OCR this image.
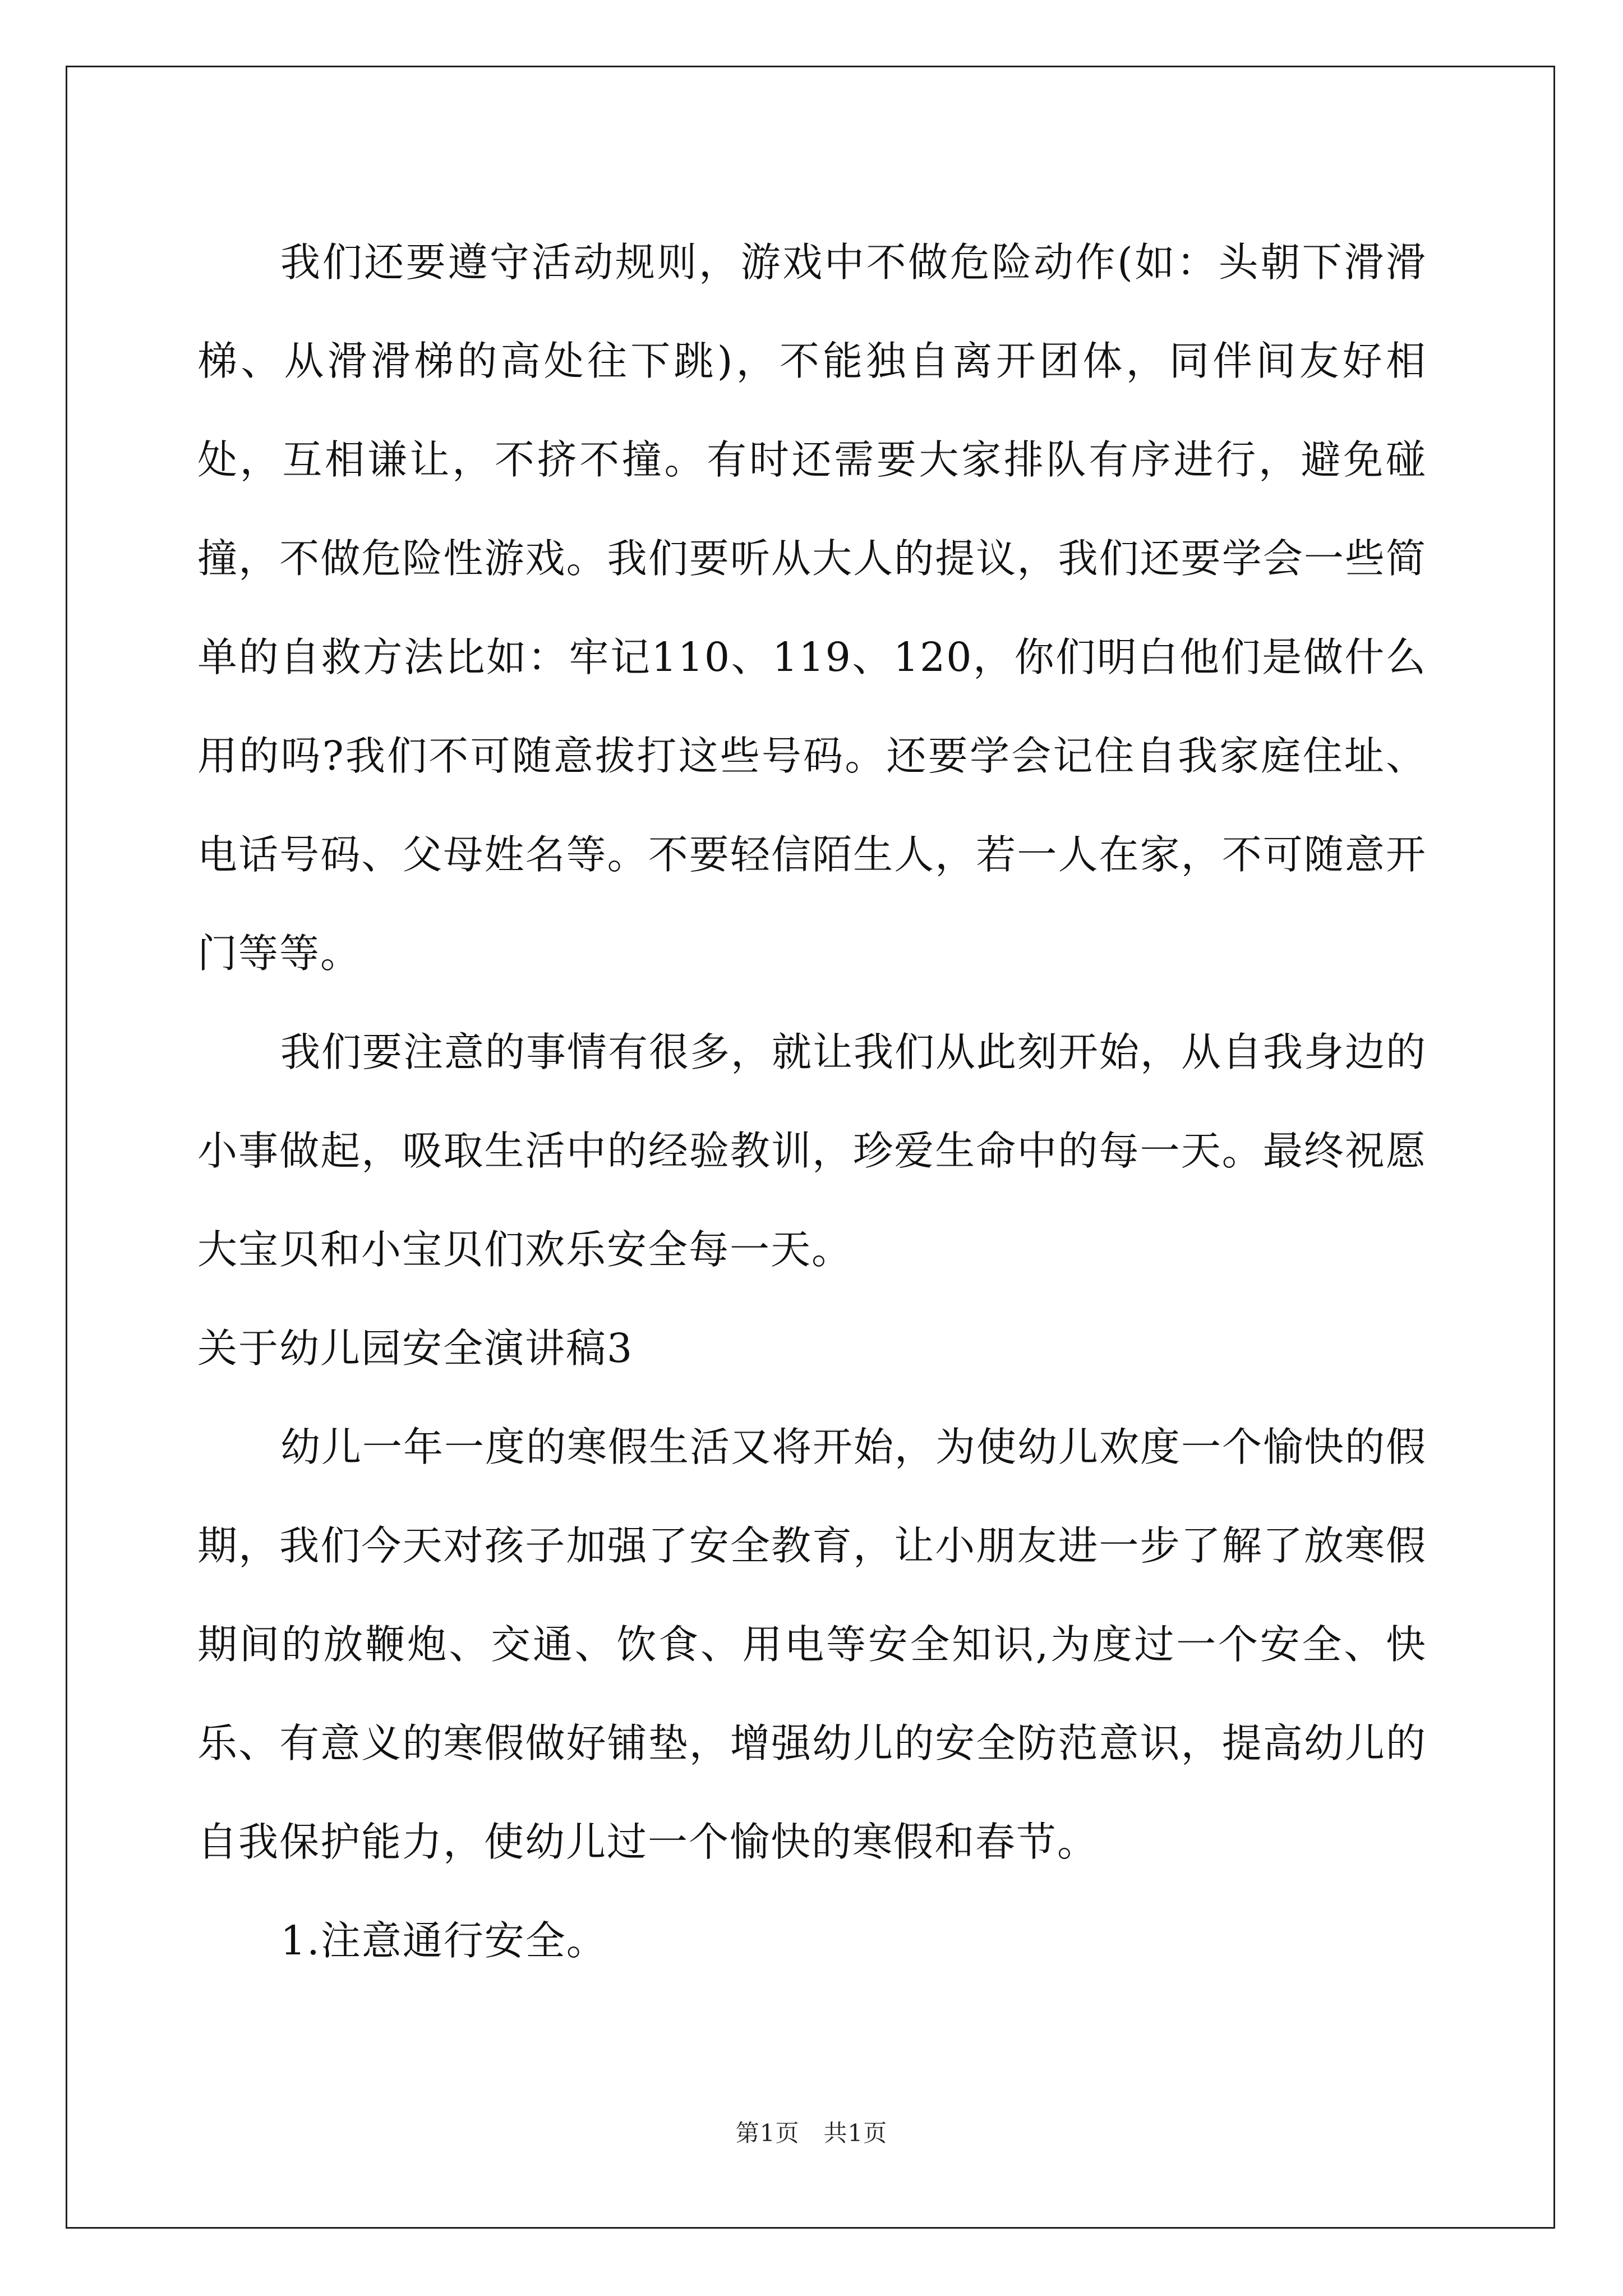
我们还要遵守活动规则，游戏中不做危险动作(如：头朝下滑滑梯、从滑滑梯的高处往下跳)，不能独自离开团体，同伴间友好相处，互相谦让，不挤不撞。有时还需要大家排队有序进行，避免碰撞，不做危险性游戏。我们要听从大人的提议，我们还要学会一些简单的自救方法比如：牢记110、119、120，你们明白他们是做什么用的吗?我们不可随意拔打这些号码。还要学会记住自我家庭住址、电话号码、父母姓名等。不要轻信陌生人，若一人在家，不可随意开门等等。

我们要注意的事情有很多，就让我们从此刻开始，从自我身边的小事做起，吸取生活中的经验教训，珍爱生命中的每一天。最终祝愿大宝贝和小宝贝们欢乐安全每一天。

关于幼儿园安全演讲稿3

幼儿一年一度的寒假生活又将开始，为使幼儿欢度一个愉快的假期，我们今天对孩子加强了安全教育，让小朋友进一步了解了放寒假期间的放鞭炮、交通、饮食、用电等安全知识,为度过一个安全、快乐、有意义的寒假做好铺垫，增强幼儿的安全防范意识，提高幼儿的自我保护能力，使幼儿过一个愉快的寒假和春节。

1.注意通行安全。

第1页　共1页
